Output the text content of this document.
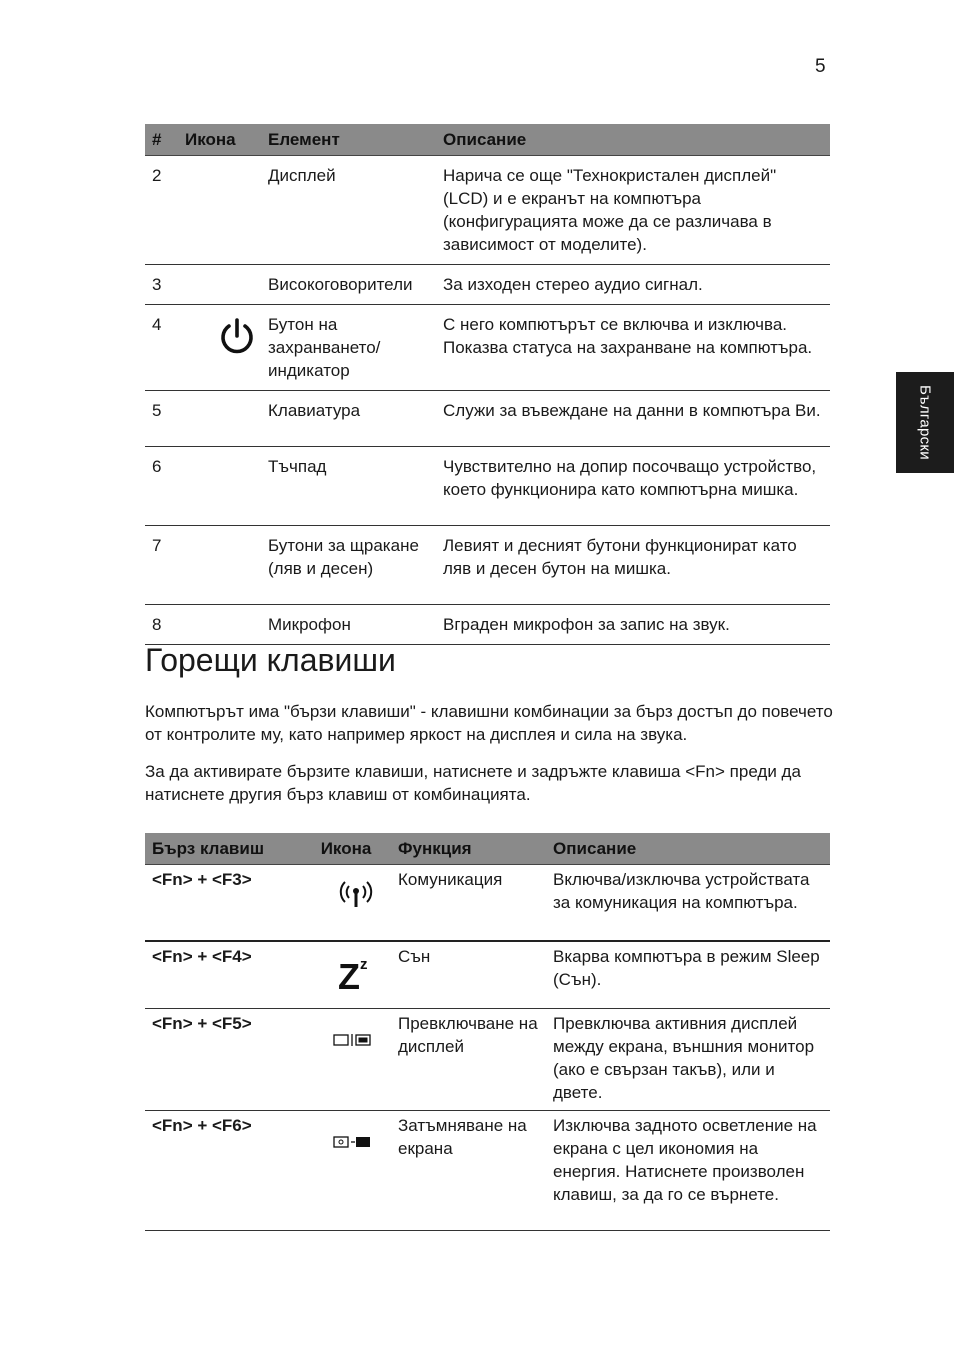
5
Български
#	Икона	Елемент	Описание
2		Дисплей	Нарича се още "Технокристален дисплей" (LCD) и е екранът на компютъра (конфигурацията може да се различава в зависимост от моделите).
3		Високоговорители	За изходен стерео аудио сигнал.
4		Бутон на захранването/ индикатор	С него компютърът се включва и изключва. Показва статуса на захранване на компютъра.
5		Клавиатура	Служи за въвеждане на данни в компютъра Ви.
6		Тъчпад	Чувствително на допир посочващо устройство, което функционира като компютърна мишка.
7		Бутони за щракане (ляв и десен)	Левият и десният бутони функционират като ляв и десен бутон на мишка.
8		Микрофон	Вграден микрофон за запис на звук.
Горещи клавиши

Компютърът има "бързи клавиши" - клавишни комбинации за бърз достъп до повечето от контролите му, като например яркост на дисплея и сила на звука.

За да активирате бързите клавиши, натиснете и задръжте клавиша <Fn> преди да натиснете другия бърз клавиш от комбинацията.

Бърз клавиш	Икона	Функция	Описание
<Fn> + <F3>		Комуникация	Включва/изключва устройствата за комуникация на компютъра.
<Fn> + <F4>	Z z	Сън	Вкарва компютъра в режим Sleep (Сън).
<Fn> + <F5>		Превключване на дисплей	Превключва активния дисплей между екрана, външния монитор (ако е свързан такъв), или и двете.
<Fn> + <F6>		Затъмняване на екрана	Изключва задното осветление на екрана с цел икономия на енергия. Натиснете произволен клавиш, за да го се върнете.
